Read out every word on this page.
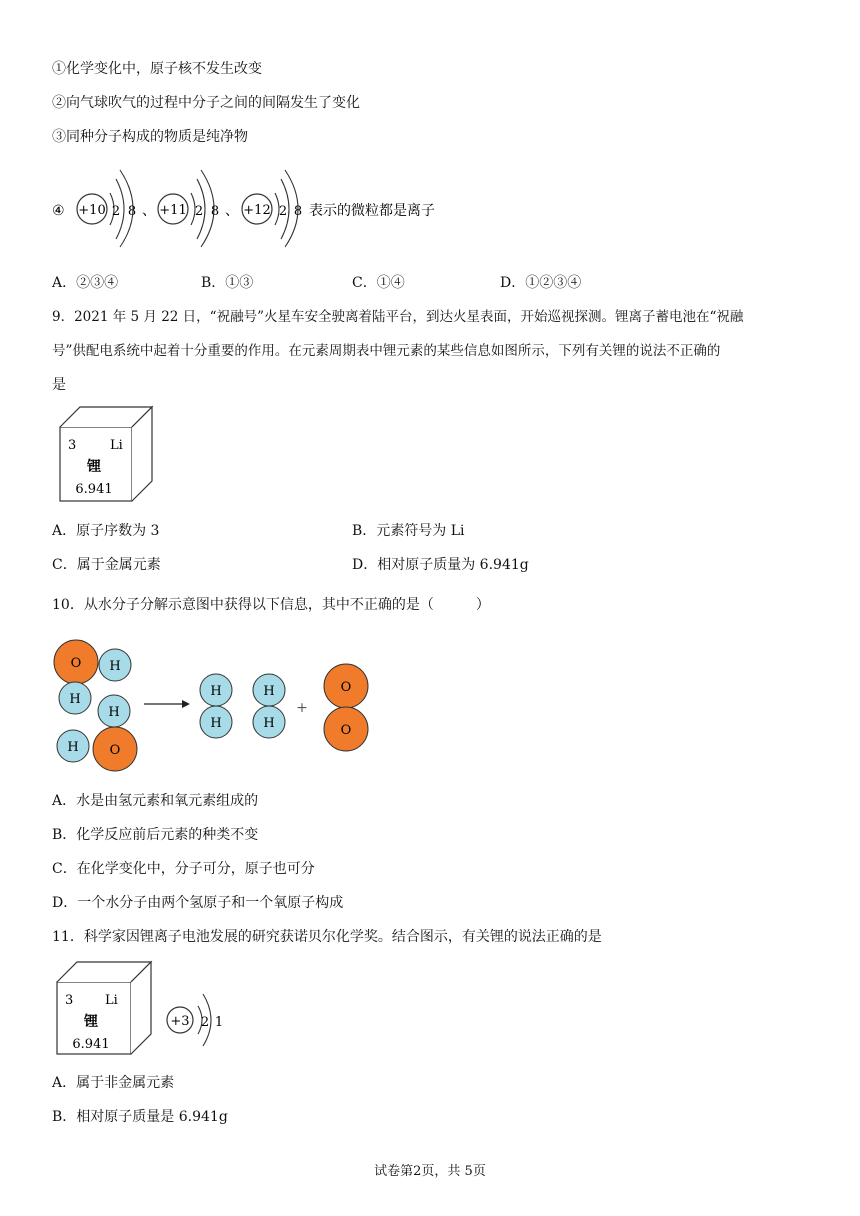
①化学变化中，原子核不发生改变
②向气球吹气的过程中分子之间的间隔发生了变化
③同种分子构成的物质是纯净物
④ +10 2 8 、 +11 2 8 、 +12 2 8 表示的微粒都是离子
A．②③④	B．①③	C．①④	D．①②③④
9．2021 年 5 月 22 日，“祝融号”火星车安全驶离着陆平台，到达火星表面，开始巡视探测。锂离子蓄电池在“祝融
号”供配电系统中起着十分重要的作用。在元素周期表中锂元素的某些信息如图所示，下列有关锂的说法不正确的
是
3	Li
锂
6.941
A．原子序数为 3	B．元素符号为 Li
C．属于金属元素	D．相对原子质量为 6.941g
10．从水分子分解示意图中获得以下信息，其中不正确的是（　　　）
O H
H
H
H O
H
H
H
H
O
O
+
A．水是由氢元素和氧元素组成的
B．化学反应前后元素的种类不变
C．在化学变化中，分子可分，原子也可分
D．一个水分子由两个氢原子和一个氧原子构成
11．科学家因锂离子电池发展的研究获诺贝尔化学奖。结合图示，有关锂的说法正确的是
3 Li
锂
6.941
+3 2 1
A．属于非金属元素
B．相对原子质量是 6.941g
试卷第2页，共 5页
